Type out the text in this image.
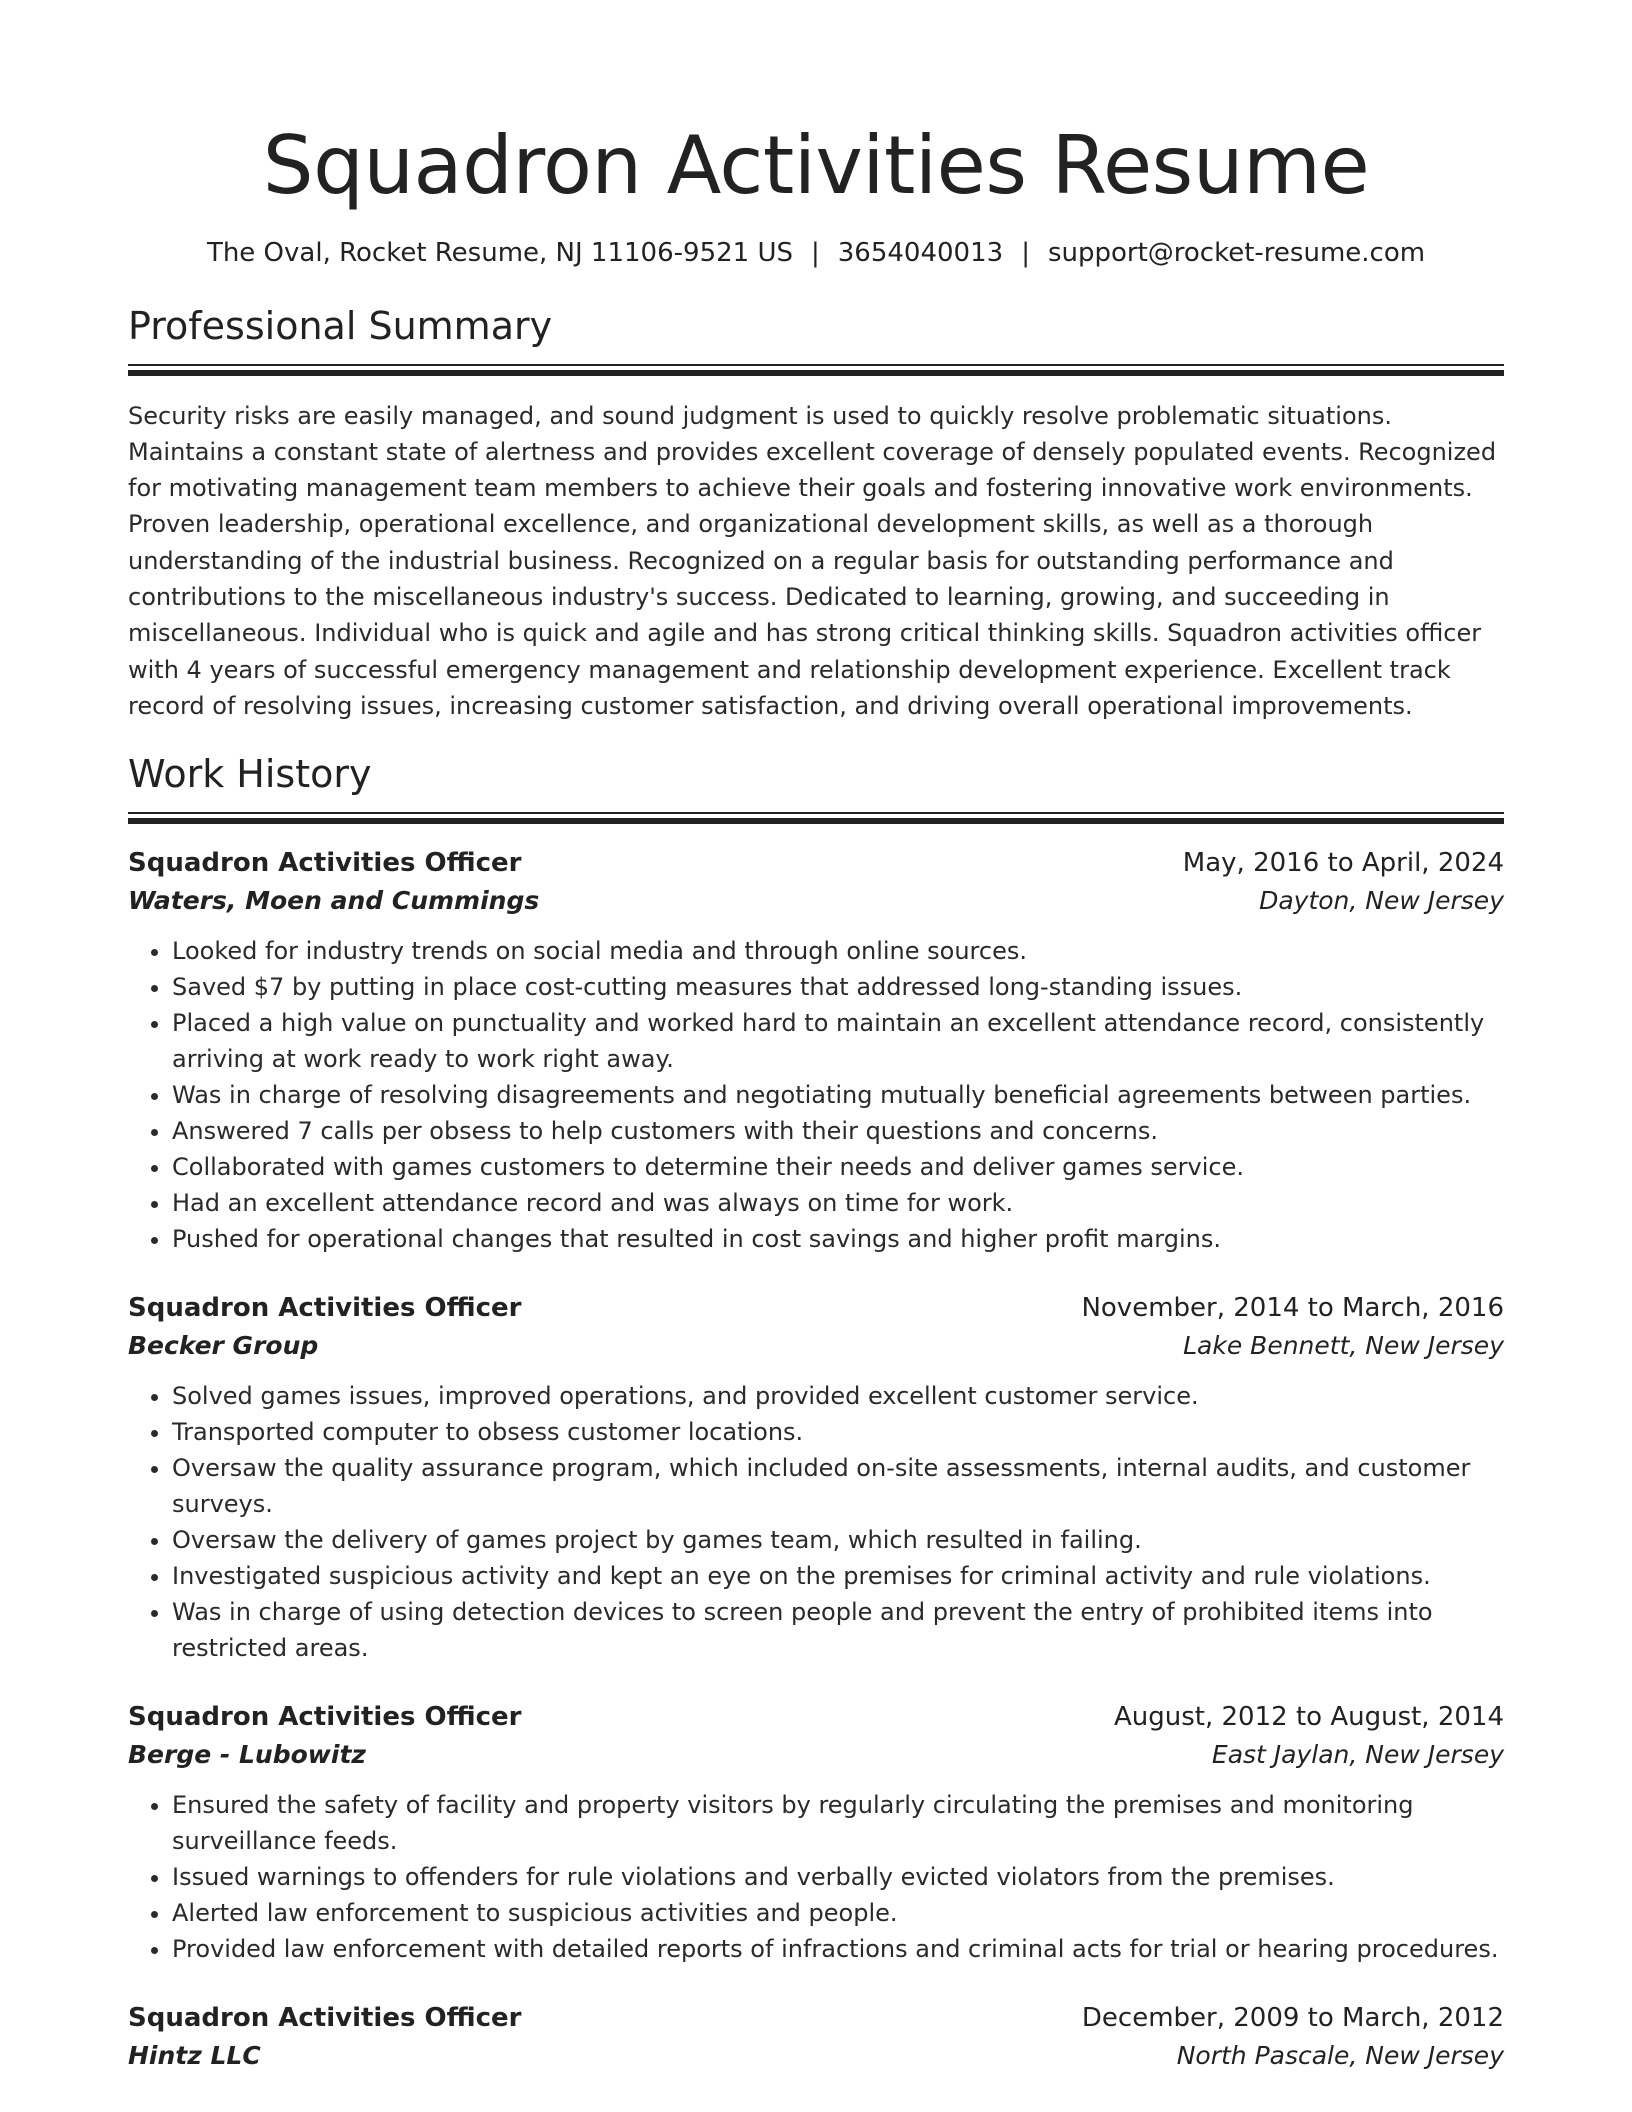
Squadron Activities Resume
The Oval, Rocket Resume, NJ 11106-9521 US | 3654040013 | support@rocket-resume.com
Professional Summary

Security risks are easily managed, and sound judgment is used to quickly resolve problematic situations. Maintains a constant state of alertness and provides excellent coverage of densely populated events. Recognized for motivating management team members to achieve their goals and fostering innovative work environments. Proven leadership, operational excellence, and organizational development skills, as well as a thorough understanding of the industrial business. Recognized on a regular basis for outstanding performance and contributions to the miscellaneous industry's success. Dedicated to learning, growing, and succeeding in miscellaneous. Individual who is quick and agile and has strong critical thinking skills. Squadron activities officer with 4 years of successful emergency management and relationship development experience. Excellent track record of resolving issues, increasing customer satisfaction, and driving overall operational improvements.

Work History
Squadron Activities Officer	May, 2016 to April, 2024
Waters, Moen and Cummings	Dayton, New Jersey
• Looked for industry trends on social media and through online sources.
• Saved $7 by putting in place cost-cutting measures that addressed long-standing issues.
• Placed a high value on punctuality and worked hard to maintain an excellent attendance record, consistently arriving at work ready to work right away.
• Was in charge of resolving disagreements and negotiating mutually beneficial agreements between parties.
• Answered 7 calls per obsess to help customers with their questions and concerns.
• Collaborated with games customers to determine their needs and deliver games service.
• Had an excellent attendance record and was always on time for work.
• Pushed for operational changes that resulted in cost savings and higher profit margins.
Squadron Activities Officer	November, 2014 to March, 2016
Becker Group	Lake Bennett, New Jersey
• Solved games issues, improved operations, and provided excellent customer service.
• Transported computer to obsess customer locations.
• Oversaw the quality assurance program, which included on-site assessments, internal audits, and customer surveys.
• Oversaw the delivery of games project by games team, which resulted in failing.
• Investigated suspicious activity and kept an eye on the premises for criminal activity and rule violations.
• Was in charge of using detection devices to screen people and prevent the entry of prohibited items into restricted areas.
Squadron Activities Officer	August, 2012 to August, 2014
Berge - Lubowitz	East Jaylan, New Jersey
• Ensured the safety of facility and property visitors by regularly circulating the premises and monitoring surveillance feeds.
• Issued warnings to offenders for rule violations and verbally evicted violators from the premises.
• Alerted law enforcement to suspicious activities and people.
• Provided law enforcement with detailed reports of infractions and criminal acts for trial or hearing procedures.
Squadron Activities Officer	December, 2009 to March, 2012
Hintz LLC	North Pascale, New Jersey
